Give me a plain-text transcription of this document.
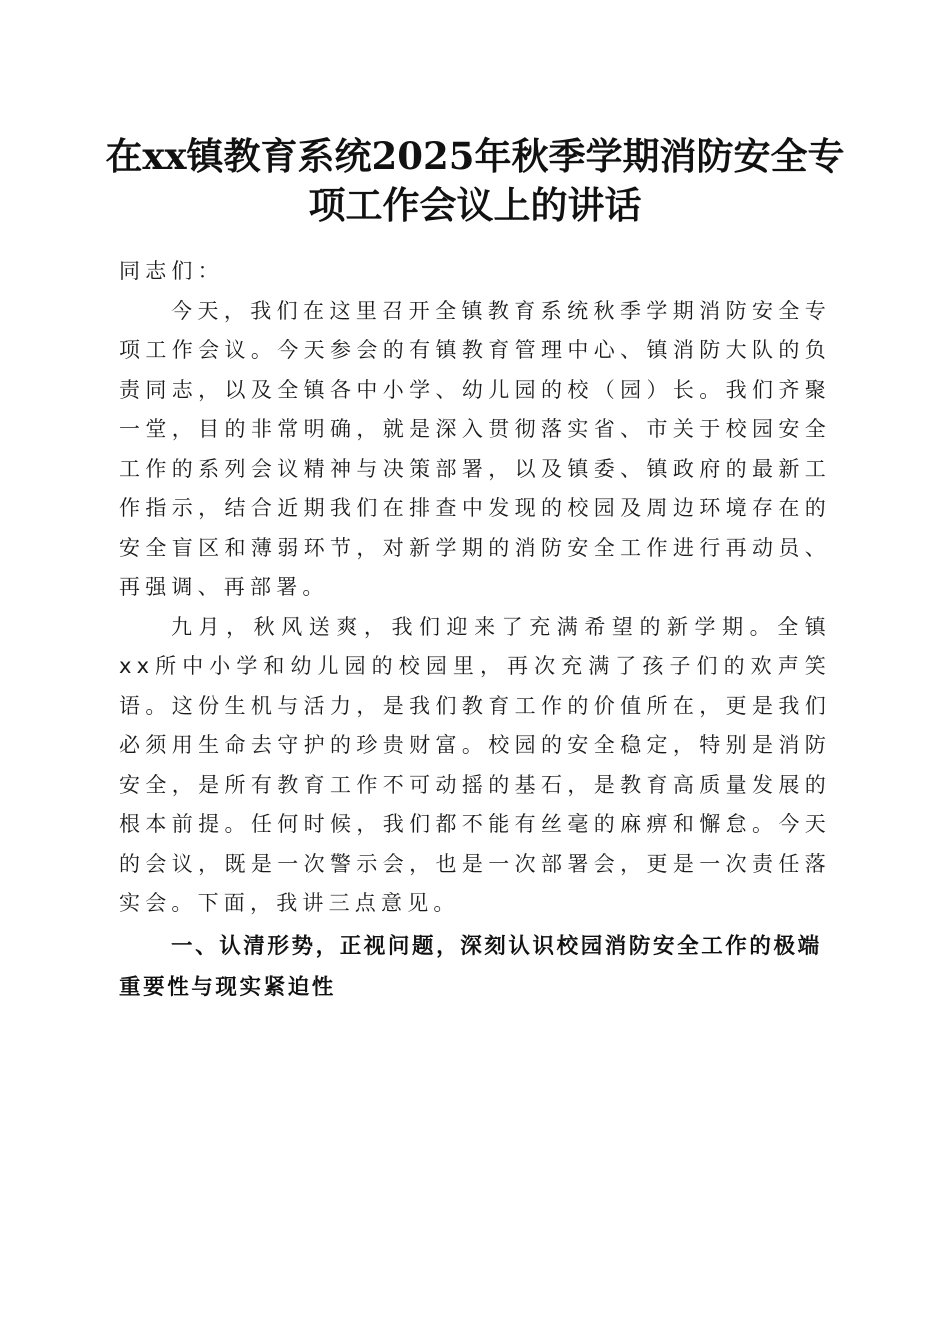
在xx镇教育系统2025年秋季学期消防安全专
项工作会议上的讲话

同志们：

今天，我们在这里召开全镇教育系统秋季学期消防安全专项工作会议。今天参会的有镇教育管理中心、镇消防大队的负责同志，以及全镇各中小学、幼儿园的校（园）长。我们齐聚一堂，目的非常明确，就是深入贯彻落实省、市关于校园安全工作的系列会议精神与决策部署，以及镇委、镇政府的最新工作指示，结合近期我们在排查中发现的校园及周边环境存在的安全盲区和薄弱环节，对新学期的消防安全工作进行再动员、再强调、再部署。

九月，秋风送爽，我们迎来了充满希望的新学期。全镇xx所中小学和幼儿园的校园里，再次充满了孩子们的欢声笑语。这份生机与活力，是我们教育工作的价值所在，更是我们必须用生命去守护的珍贵财富。校园的安全稳定，特别是消防安全，是所有教育工作不可动摇的基石，是教育高质量发展的根本前提。任何时候，我们都不能有丝毫的麻痹和懈怠。今天的会议，既是一次警示会，也是一次部署会，更是一次责任落实会。下面，我讲三点意见。

一、认清形势，正视问题，深刻认识校园消防安全工作的极端重要性与现实紧迫性
